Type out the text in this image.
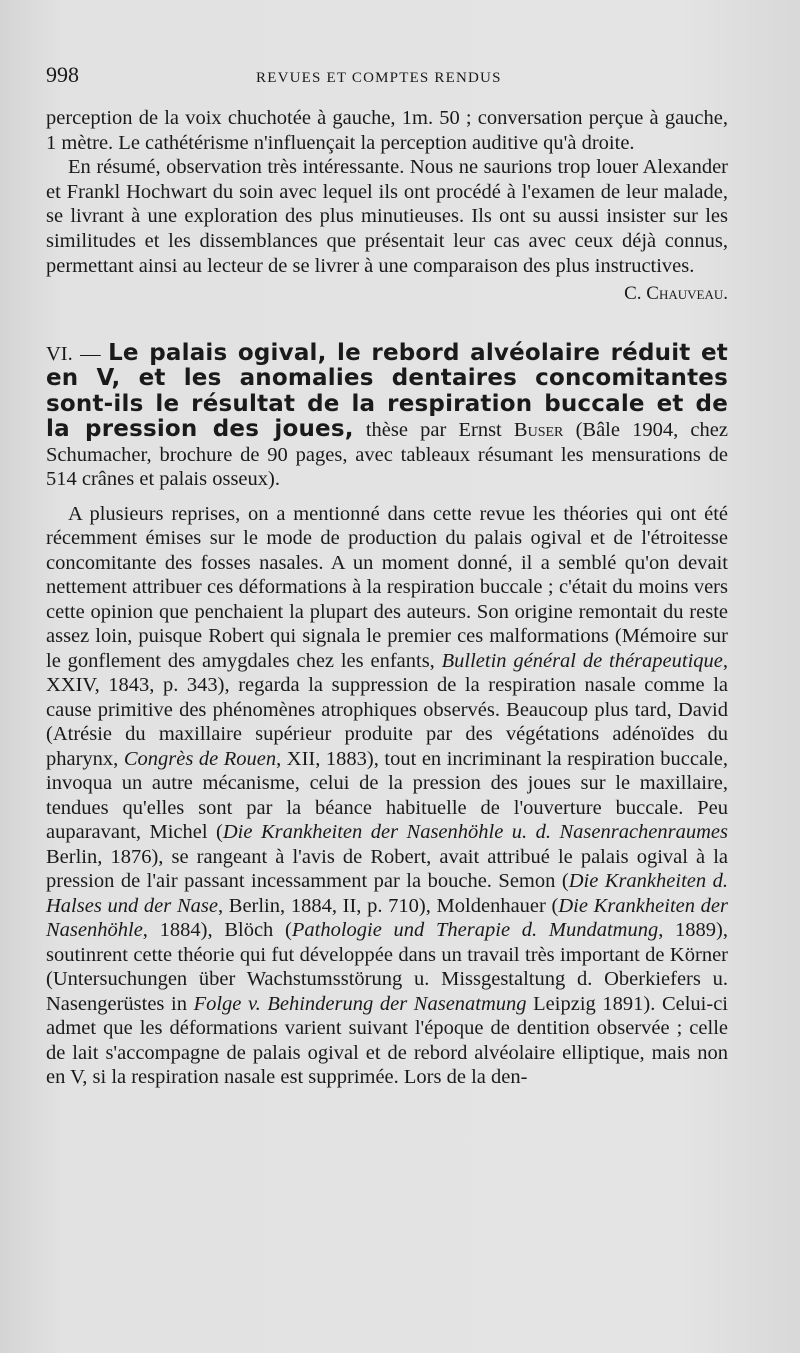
998	REVUES ET COMPTES RENDUS

perception de la voix chuchotée à gauche, 1m. 50 ; conversation perçue à gauche, 1 mètre. Le cathétérisme n'influençait la perception auditive qu'à droite.

En résumé, observation très intéressante. Nous ne saurions trop louer Alexander et Frankl Hochwart du soin avec lequel ils ont procédé à l'examen de leur malade, se livrant à une exploration des plus minutieuses. Ils ont su aussi insister sur les similitudes et les dissemblances que présentait leur cas avec ceux déjà connus, permettant ainsi au lecteur de se livrer à une comparaison des plus instructives.

C. Chauveau.

VI. — Le palais ogival, le rebord alvéolaire réduit et en V, et les anomalies dentaires concomitantes sont-ils le résultat de la respiration buccale et de la pression des joues, thèse par Ernst Buser (Bâle 1904, chez Schumacher, brochure de 90 pages, avec tableaux résumant les mensurations de 514 crânes et palais osseux).

A plusieurs reprises, on a mentionné dans cette revue les théories qui ont été récemment émises sur le mode de production du palais ogival et de l'étroitesse concomitante des fosses nasales. A un moment donné, il a semblé qu'on devait nettement attribuer ces déformations à la respiration buccale ; c'était du moins vers cette opinion que penchaient la plupart des auteurs. Son origine remontait du reste assez loin, puisque Robert qui signala le premier ces malformations (Mémoire sur le gonflement des amygdales chez les enfants, Bulletin général de thérapeutique, XXIV, 1843, p. 343), regarda la suppression de la respiration nasale comme la cause primitive des phénomènes atrophiques observés. Beaucoup plus tard, David (Atrésie du maxillaire supérieur produite par des végétations adénoïdes du pharynx, Congrès de Rouen, XII, 1883), tout en incriminant la respiration buccale, invoqua un autre mécanisme, celui de la pression des joues sur le maxillaire, tendues qu'elles sont par la béance habituelle de l'ouverture buccale. Peu auparavant, Michel (Die Krankheiten der Nasenhöhle u. d. Nasenrachenraumes Berlin, 1876), se rangeant à l'avis de Robert, avait attribué le palais ogival à la pression de l'air passant incessamment par la bouche. Semon (Die Krankheiten d. Halses und der Nase, Berlin, 1884, II, p. 710), Moldenhauer (Die Krankheiten der Nasenhöhle, 1884), Blöch (Pathologie und Therapie d. Mundatmung, 1889), soutinrent cette théorie qui fut développée dans un travail très important de Körner (Untersuchungen über Wachstumsstörung u. Missgestaltung d. Oberkiefers u. Nasengerüstes in Folge v. Behinderung der Nasenatmung Leipzig 1891). Celui-ci admet que les déformations varient suivant l'époque de dentition observée ; celle de lait s'accompagne de palais ogival et de rebord alvéolaire elliptique, mais non en V, si la respiration nasale est supprimée. Lors de la den-
